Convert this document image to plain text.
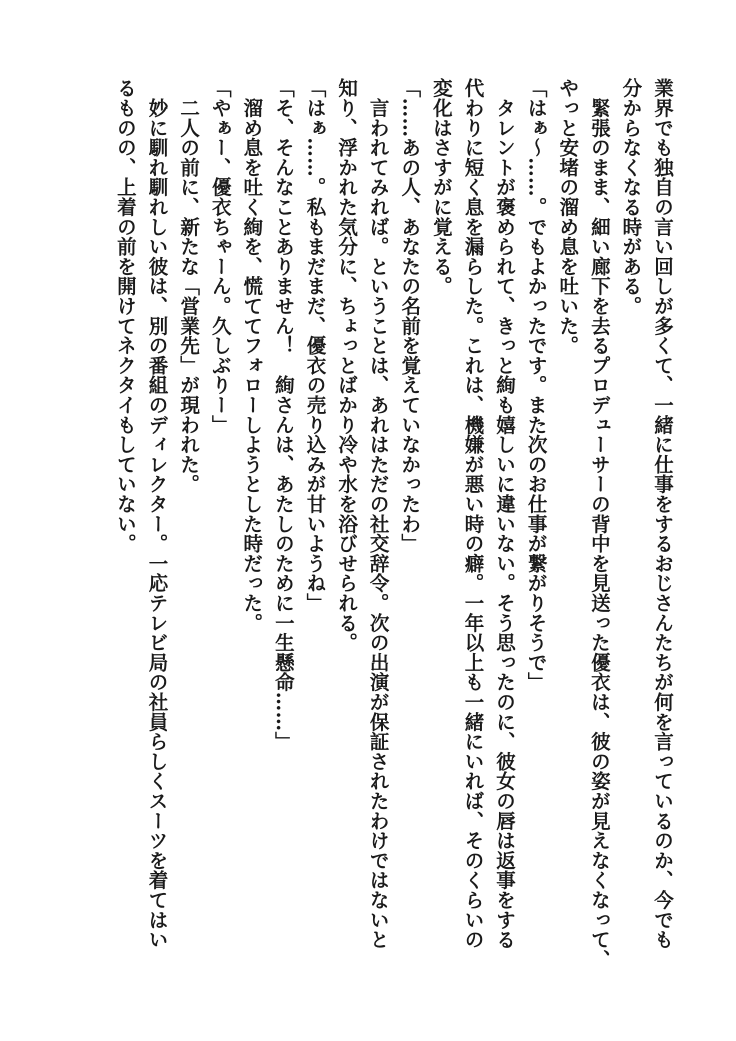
業界でも独自の言い回しが多くて、一緒に仕事をするおじさんたちが何を言っているのか、今でも

分からなくなる時がある。

　緊張のまま、細い廊下を去るプロデューサーの背中を見送った優衣は、彼の姿が見えなくなって、

やっと安堵の溜め息を吐いた。

「はぁ〜……。でもよかったです。また次のお仕事が繋がりそうで」

　タレントが褒められて、きっと絢も嬉しいに違いない。そう思ったのに、彼女の唇は返事をする

代わりに短く息を漏らした。これは、機嫌が悪い時の癖。一年以上も一緒にいれば、そのくらいの

変化はさすがに覚える。

「……あの人、あなたの名前を覚えていなかったわ」

　言われてみれば。ということは、あれはただの社交辞令。次の出演が保証されたわけではないと

知り、浮かれた気分に、ちょっとばかり冷や水を浴びせられる。

「はぁ……。私もまだまだ、優衣の売り込みが甘いようね」

「そ、そんなことありません！　絢さんは、あたしのために一生懸命……」

　溜め息を吐く絢を、慌ててフォローしようとした時だった。

「やぁー、優衣ちゃーん。久しぶりー」

　二人の前に、新たな「営業先」が現われた。

　妙に馴れ馴れしい彼は、別の番組のディレクター。一応テレビ局の社員らしくスーツを着てはい

るものの、上着の前を開けてネクタイもしていない。
